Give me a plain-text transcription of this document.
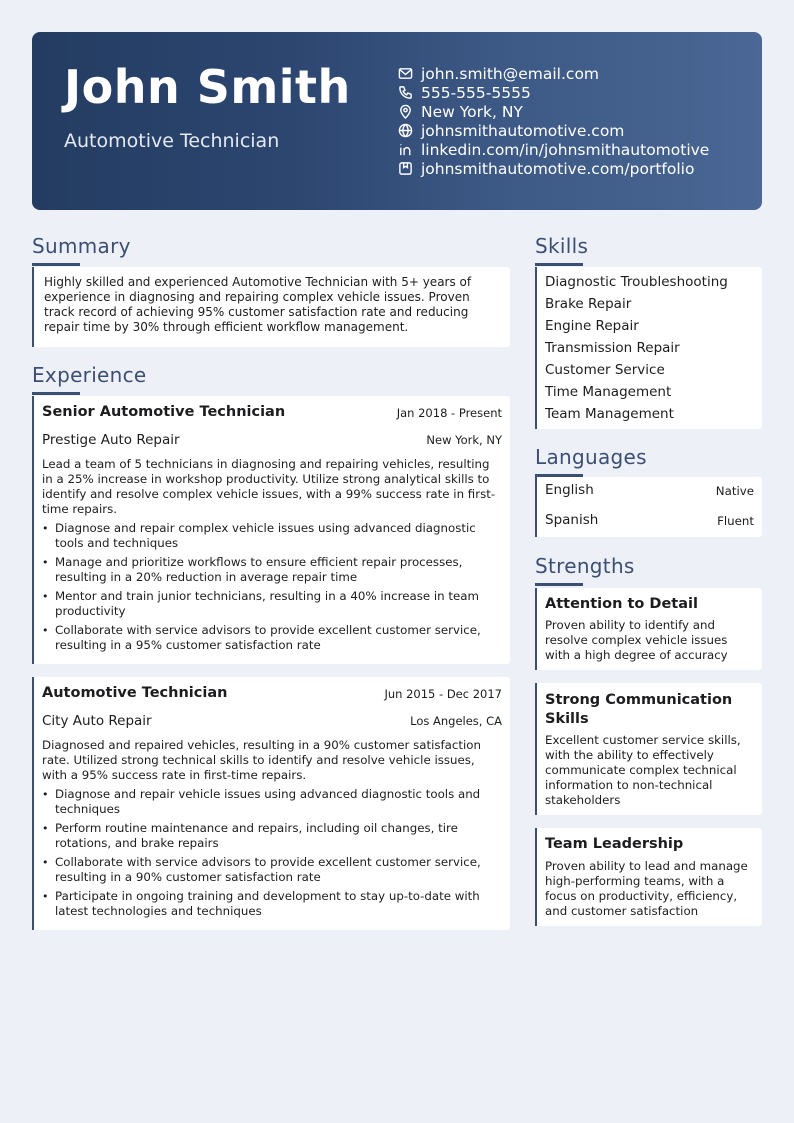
John Smith
Automotive Technician
john.smith@email.com
555-555-5555
New York, NY
johnsmithautomotive.com
linkedin.com/in/johnsmithautomotive
johnsmithautomotive.com/portfolio
Summary
Highly skilled and experienced Automotive Technician with 5+ years of experience in diagnosing and repairing complex vehicle issues. Proven track record of achieving 95% customer satisfaction rate and reducing repair time by 30% through efficient workflow management.
Experience
Senior Automotive Technician	Jan 2018 - Present
Prestige Auto Repair	New York, NY
Lead a team of 5 technicians in diagnosing and repairing vehicles, resulting in a 25% increase in workshop productivity. Utilize strong analytical skills to identify and resolve complex vehicle issues, with a 99% success rate in first-time repairs.
• Diagnose and repair complex vehicle issues using advanced diagnostic tools and techniques
• Manage and prioritize workflows to ensure efficient repair processes, resulting in a 20% reduction in average repair time
• Mentor and train junior technicians, resulting in a 40% increase in team productivity
• Collaborate with service advisors to provide excellent customer service, resulting in a 95% customer satisfaction rate
Automotive Technician	Jun 2015 - Dec 2017
City Auto Repair	Los Angeles, CA
Diagnosed and repaired vehicles, resulting in a 90% customer satisfaction rate. Utilized strong technical skills to identify and resolve vehicle issues, with a 95% success rate in first-time repairs.
• Diagnose and repair vehicle issues using advanced diagnostic tools and techniques
• Perform routine maintenance and repairs, including oil changes, tire rotations, and brake repairs
• Collaborate with service advisors to provide excellent customer service, resulting in a 90% customer satisfaction rate
• Participate in ongoing training and development to stay up-to-date with latest technologies and techniques
Skills
Diagnostic Troubleshooting
Brake Repair
Engine Repair
Transmission Repair
Customer Service
Time Management
Team Management
Languages
English	Native
Spanish	Fluent
Strengths
Attention to Detail
Proven ability to identify and resolve complex vehicle issues with a high degree of accuracy
Strong Communication Skills
Excellent customer service skills, with the ability to effectively communicate complex technical information to non-technical stakeholders
Team Leadership
Proven ability to lead and manage high-performing teams, with a focus on productivity, efficiency, and customer satisfaction
